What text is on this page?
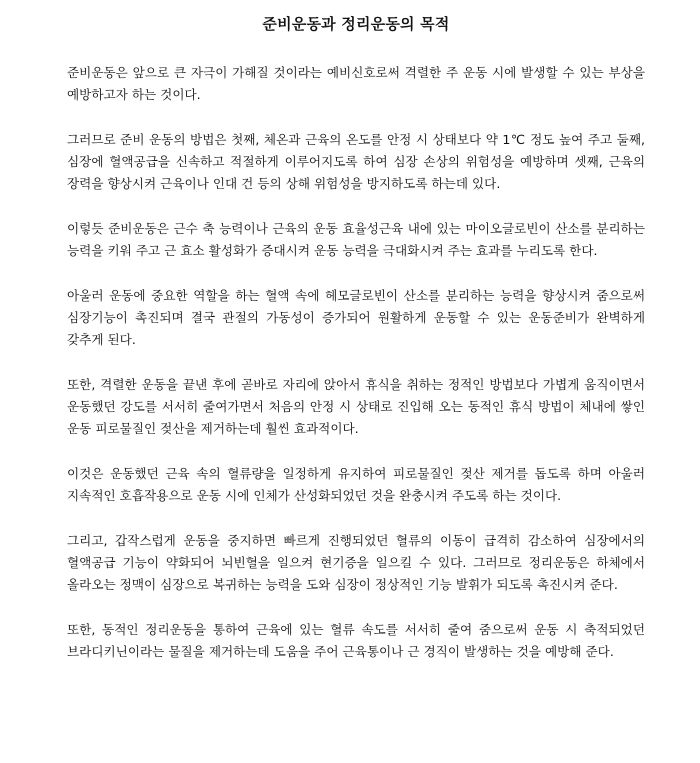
준비운동과 정리운동의 목적

준비운동은 앞으로 큰 자극이 가해질 것이라는 예비신호로써 격렬한 주 운동 시에 발생할 수 있는 부상을 예방하고자 하는 것이다.

그러므로 준비 운동의 방법은 첫째, 체온과 근육의 온도를 안정 시 상태보다 약 1℃ 정도 높여 주고 둘째, 심장에 혈액공급을 신속하고 적절하게 이루어지도록 하여 심장 손상의 위험성을 예방하며 셋째, 근육의 장력을 향상시켜 근육이나 인대 건 등의 상해 위험성을 방지하도록 하는데 있다.

이렇듯 준비운동은 근수 축 능력이나 근육의 운동 효율성근육 내에 있는 마이오글로빈이 산소를 분리하는 능력을 키워 주고 근 효소 활성화가 증대시켜 운동 능력을 극대화시켜 주는 효과를 누리도록 한다.

아울러 운동에 중요한 역할을 하는 혈액 속에 헤모글로빈이 산소를 분리하는 능력을 향상시켜 줌으로써 심장기능이 촉진되며 결국 관절의 가동성이 증가되어 원활하게 운동할 수 있는 운동준비가 완벽하게 갖추게 된다.

또한, 격렬한 운동을 끝낸 후에 곧바로 자리에 앉아서 휴식을 취하는 정적인 방법보다 가볍게 움직이면서 운동했던 강도를 서서히 줄여가면서 처음의 안정 시 상태로 진입해 오는 동적인 휴식 방법이 체내에 쌓인 운동 피로물질인 젖산을 제거하는데 훨씬 효과적이다.

이것은 운동했던 근육 속의 혈류량을 일정하게 유지하여 피로물질인 젖산 제거를 돕도록 하며 아울러 지속적인 호흡작용으로 운동 시에 인체가 산성화되었던 것을 완충시켜 주도록 하는 것이다.

그리고, 갑작스럽게 운동을 중지하면 빠르게 진행되었던 혈류의 이동이 급격히 감소하여 심장에서의 혈액공급 기능이 약화되어 뇌빈혈을 일으켜 현기증을 일으킬 수 있다. 그러므로 정리운동은 하체에서 올라오는 정맥이 심장으로 복귀하는 능력을 도와 심장이 정상적인 기능 발휘가 되도록 촉진시켜 준다.

또한, 동적인 정리운동을 통하여 근육에 있는 혈류 속도를 서서히 줄여 줌으로써 운동 시 축적되었던 브라디키닌이라는 물질을 제거하는데 도움을 주어 근육통이나 근 경직이 발생하는 것을 예방해 준다.
